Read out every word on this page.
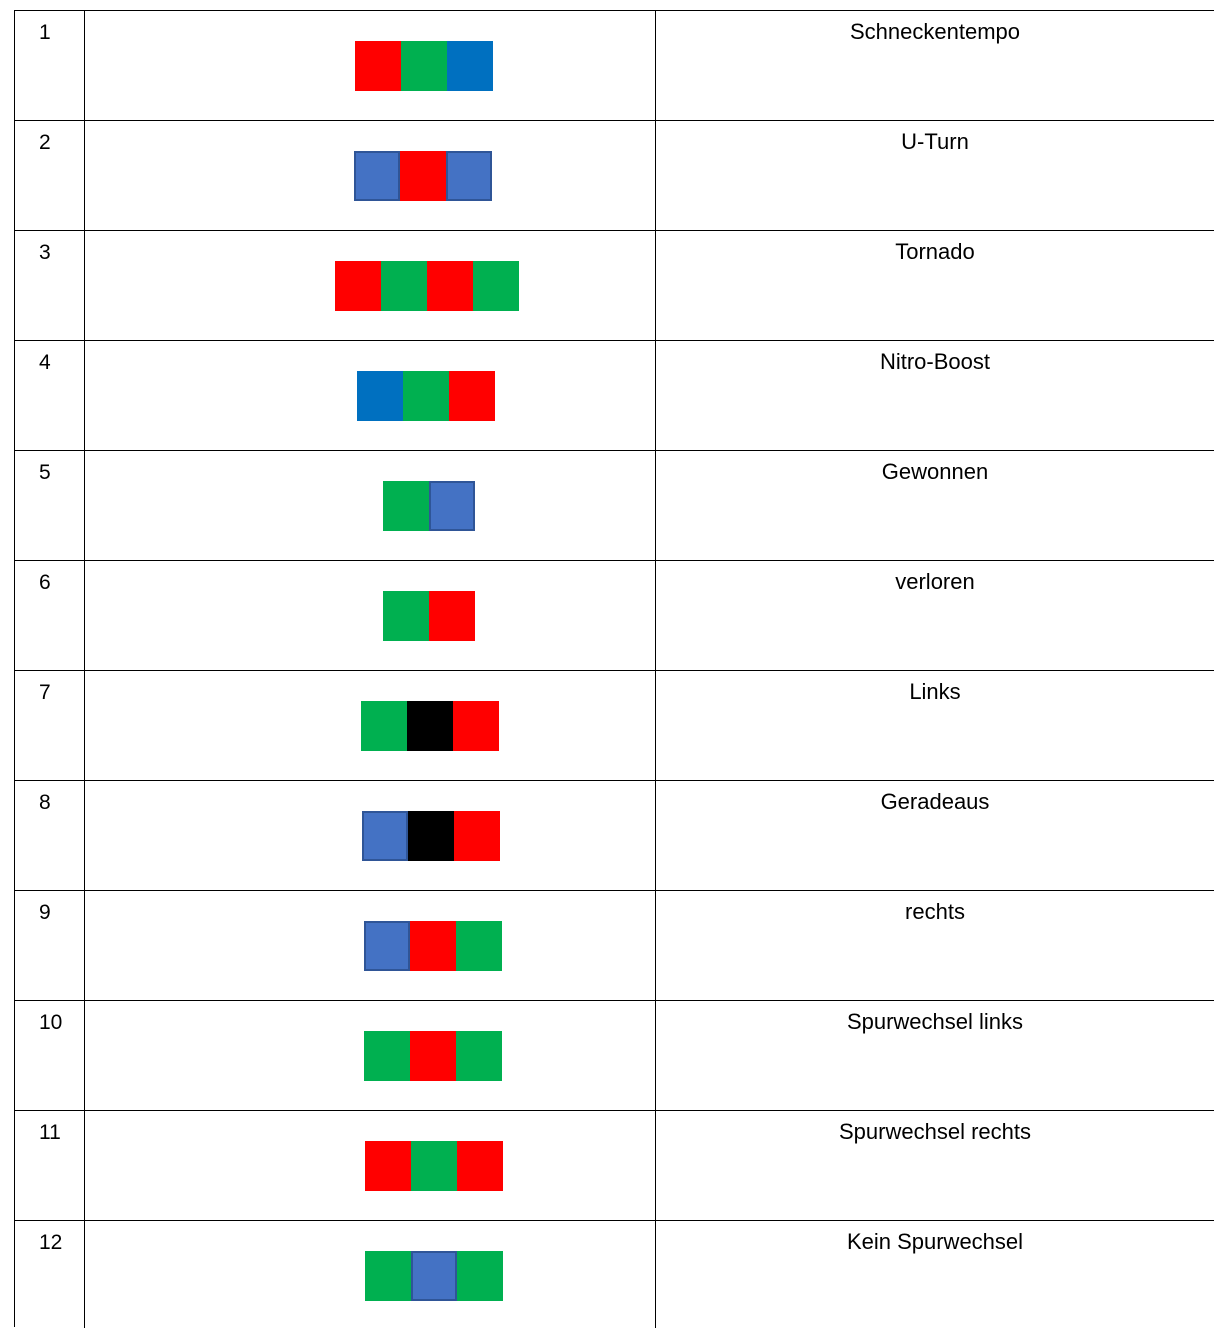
1	Schneckentempo
2	U-Turn
3	Tornado
4	Nitro-Boost
5	Gewonnen
6	verloren
7	Links
8	Geradeaus
9	rechts
10	Spurwechsel links
11	Spurwechsel rechts
12	Kein Spurwechsel
